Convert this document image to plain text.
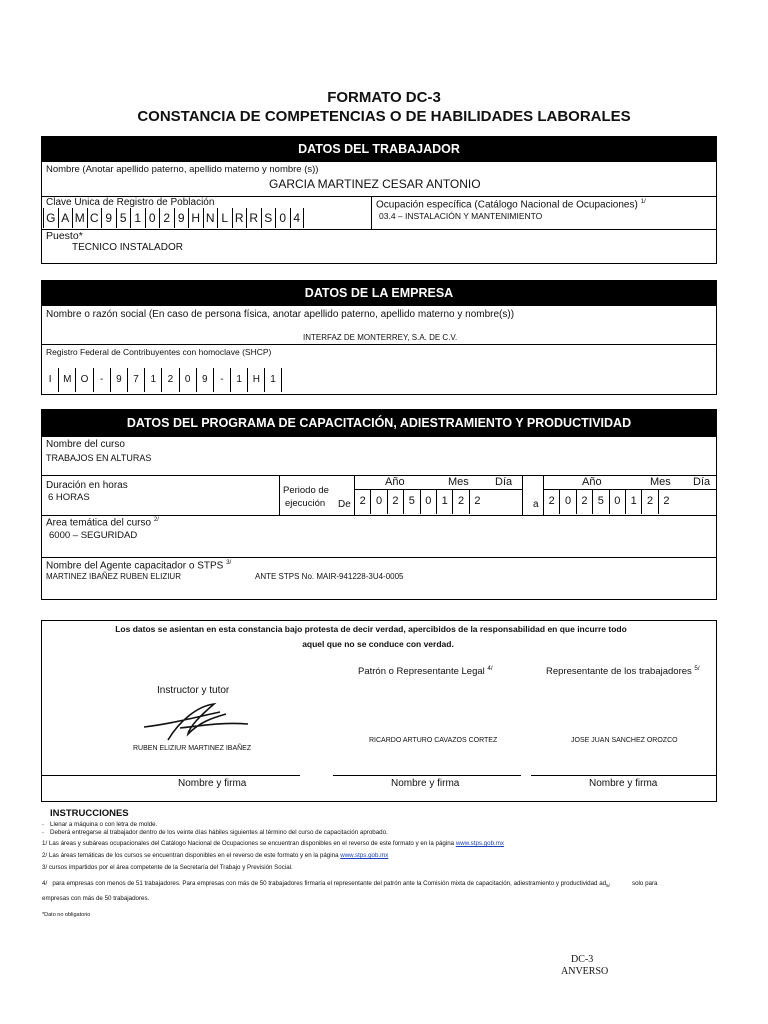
FORMATO DC-3
CONSTANCIA DE COMPETENCIAS O DE HABILIDADES LABORALES
DATOS DEL TRABAJADOR
Nombre (Anotar apellido paterno, apellido materno y nombre (s))
GARCIA MARTINEZ CESAR ANTONIO
Clave Unica de Registro de Población
G A M C 9 5 1 0 2 9 H N L R R S 0 4
Ocupación específica (Catálogo Nacional de Ocupaciones) $^{1/}$
03.4 – INSTALACIÓN Y MANTENIMIENTO
Puesto*
TECNICO INSTALADOR
DATOS DE LA EMPRESA
Nombre o razón social (En caso de persona física, anotar apellido paterno, apellido materno y nombre(s))
INTERFAZ DE MONTERREY, S.A. DE C.V.
Registro Federal de Contribuyentes con homoclave (SHCP)
I	M O	-	9	7	1	2	0	9	-	1	H	1
DATOS DEL PROGRAMA DE CAPACITACIÓN, ADIESTRAMIENTO Y PRODUCTIVIDAD
Nombre del curso
TRABAJOS EN ALTURAS
Duración en horas
6 HORAS
Periodo de
ejecución De	a
Año	Mes Día	Año	Mes Día
2 0 2 5 0 1 2 2	2 0 2 5 0 1 2 2
Area temática del curso $^{2/}$
6000 – SEGURIDAD
Nombre del Agente capacitador o STPS $^{3/}$
MARTINEZ IBAÑEZ RUBEN ELIZIUR	ANTE STPS No. MAIR-941228-3U4-0005
Los datos se asientan en esta constancia bajo protesta de decir verdad, apercibidos de la responsabilidad en que incurre todo
aquel que no se conduce con verdad.
Patrón o Representante Legal $^{4/}$	Representante de los trabajadores $^{5/}$
Instructor y tutor
RUBEN ELIZIUR MARTINEZ IBAÑEZ
RICARDO ARTURO CAVAZOS CORTEZ	JOSE JUAN SANCHEZ OROZCO
Nombre y firma	Nombre y firma	Nombre y firma
INSTRUCCIONES
- Llenar a máquina o con letra de molde.
- Deberá entregarse al trabajador dentro de los veinte días hábiles siguientes al término del curso de capacitación aprobado.
1/ Las áreas y subáreas ocupacionales del Catálogo Nacional de Ocupaciones se encuentran disponibles en el reverso de este formato y en la página www.stps.gob.mx
2/ Las áreas temáticas de los cursos se encuentran disponibles en el reverso de este formato y en la página www.stps.gob.mx
3/ cursos impartidos por el área competente de la Secretaría del Trabajo y Previsión Social.
4/ para empresas con menos de 51 trabajadores. Para empresas con más de 50 trabajadores firmaría el representante del patrón ante la Comisión mixta de capacitación, adiestramiento y productividad $ad_{5/}$	solo para
empresas con más de 50 trabajadores.
*Dato no obligatorio
DC-3
ANVERSO
